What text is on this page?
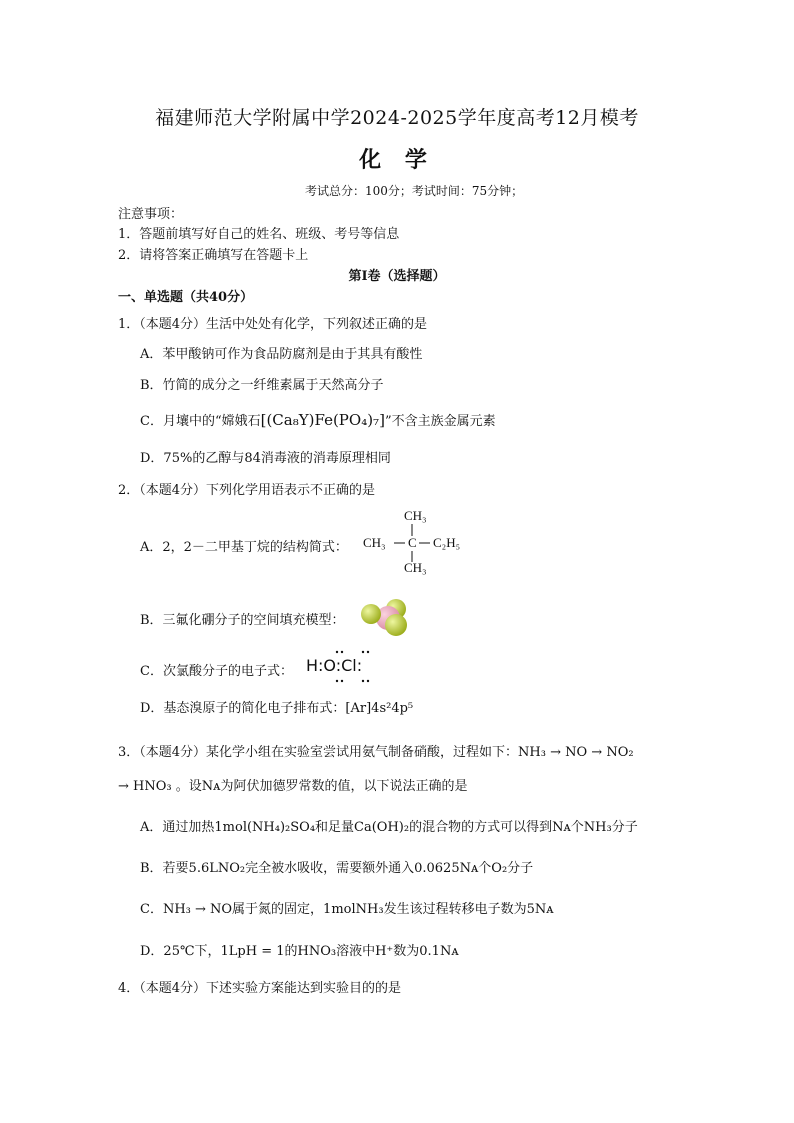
福建师范大学附属中学2024-2025学年度高考12月模考
化 学
考试总分：100分；考试时间：75分钟；
注意事项：
1．答题前填写好自己的姓名、班级、考号等信息
2．请将答案正确填写在答题卡上
第Ⅰ卷（选择题）
一、单选题（共40分）
1．（本题4分）生活中处处有化学，下列叙述正确的是
A．苯甲酸钠可作为食品防腐剂是由于其具有酸性
B．竹简的成分之一纤维素属于天然高分子
C．月壤中的“嫦娥石[(Ca₈Y)Fe(PO₄)₇]”不含主族金属元素
D．75%的乙醇与84消毒液的消毒原理相同
2．（本题4分）下列化学用语表示不正确的是
A．2，2－二甲基丁烷的结构简式：
CH₃
CH₃ C C₂H₅
CH₃
B．三氟化硼分子的空间填充模型：
C．次氯酸分子的电子式： H:O:Cl:
D．基态溴原子的简化电子排布式：[Ar]4s²4p⁵
3．（本题4分）某化学小组在实验室尝试用氨气制备硝酸，过程如下：NH₃ → NO → NO₂
→ HNO₃ 。设Nᴀ为阿伏加德罗常数的值，以下说法正确的是
A．通过加热1mol(NH₄)₂SO₄和足量Ca(OH)₂的混合物的方式可以得到Nᴀ个NH₃分子
B．若要5.6LNO₂完全被水吸收，需要额外通入0.0625Nᴀ个O₂分子
C．NH₃ → NO属于氮的固定，1molNH₃发生该过程转移电子数为5Nᴀ
D．25℃下，1LpH = 1的HNO₃溶液中H⁺数为0.1Nᴀ
4．（本题4分）下述实验方案能达到实验目的的是
